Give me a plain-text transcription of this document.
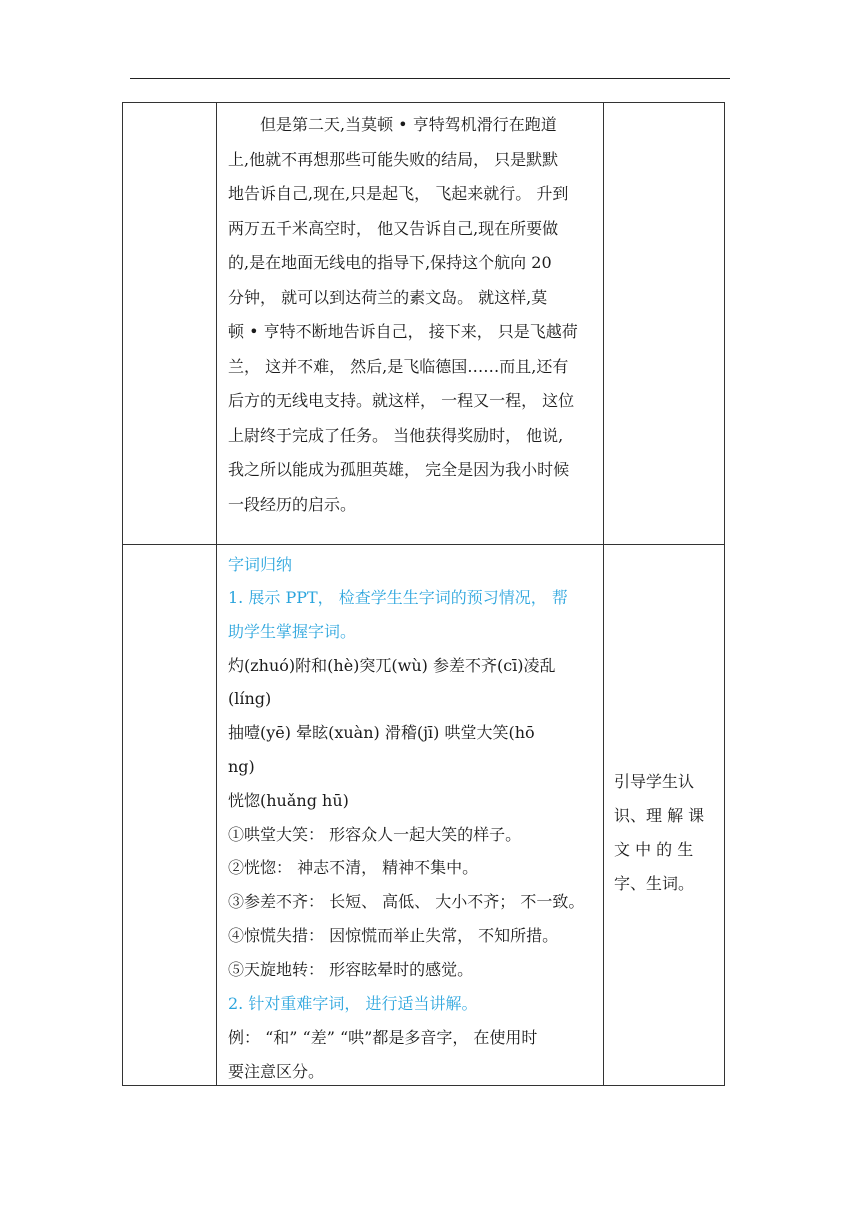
　　但是第二天,当莫顿 • 亨特驾机滑行在跑道
上,他就不再想那些可能失败的结局， 只是默默
地告诉自己,现在,只是起飞， 飞起来就行。 升到
两万五千米高空时， 他又告诉自己,现在所要做
的,是在地面无线电的指导下,保持这个航向 20
分钟， 就可以到达荷兰的素文岛。 就这样,莫
顿 • 亨特不断地告诉自己， 接下来， 只是飞越荷
兰， 这并不难， 然后,是飞临德国……而且,还有
后方的无线电支持。就这样， 一程又一程， 这位
上尉终于完成了任务。 当他获得奖励时， 他说,
我之所以能成为孤胆英雄， 完全是因为我小时候
一段经历的启示。
字词归纳
1. 展示 PPT， 检查学生生字词的预习情况， 帮
助学生掌握字词。
灼(zhuó)附和(hè)突兀(wù) 参差不齐(cī)凌乱
(líng)
抽噎(yē) 晕眩(xuàn) 滑稽(jī) 哄堂大笑(hō
ng)
恍惚(huǎng hū)
①哄堂大笑： 形容众人一起大笑的样子。
②恍惚： 神志不清， 精神不集中。
③参差不齐： 长短、 高低、 大小不齐； 不一致。
④惊慌失措： 因惊慌而举止失常， 不知所措。
⑤天旋地转： 形容眩晕时的感觉。
2. 针对重难字词， 进行适当讲解。
例： “和” “差” “哄”都是多音字， 在使用时
要注意区分。
引导学生认
识、理 解 课
文 中 的 生
字、生词。
